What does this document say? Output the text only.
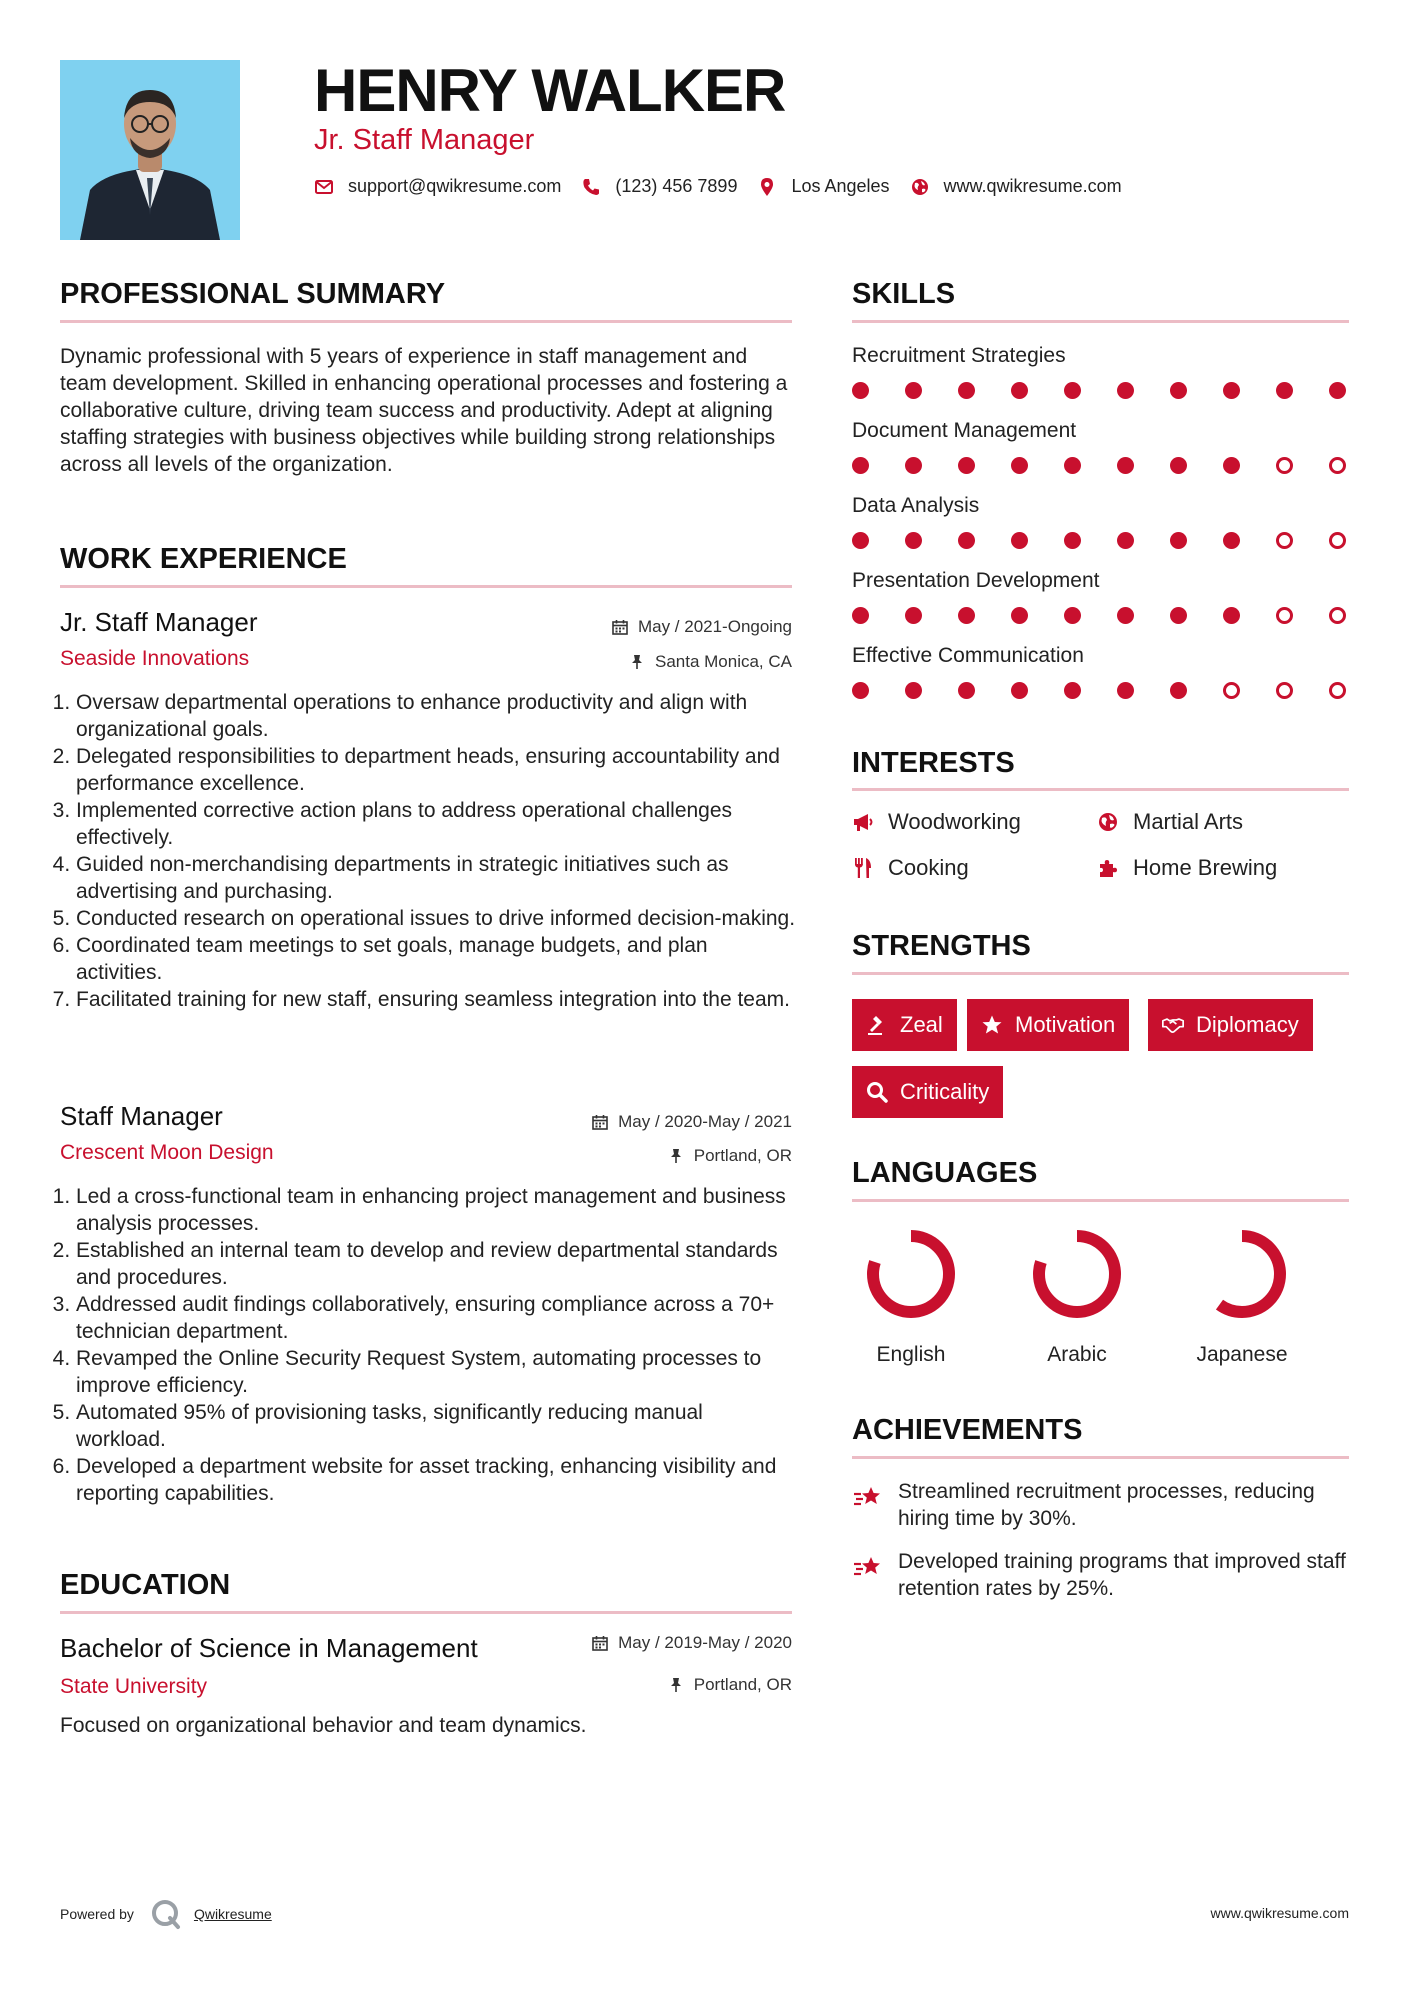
HENRY WALKER
Jr. Staff Manager
support@qwikresume.com	(123) 456 7899	Los Angeles	www.qwikresume.com
PROFESSIONAL SUMMARY
Dynamic professional with 5 years of experience in staff management and team development. Skilled in enhancing operational processes and fostering a collaborative culture, driving team success and productivity. Adept at aligning staffing strategies with business objectives while building strong relationships across all levels of the organization.
WORK EXPERIENCE
Jr. Staff Manager	May / 2021-Ongoing
Seaside Innovations	Santa Monica, CA
1. Oversaw departmental operations to enhance productivity and align with organizational goals.
2. Delegated responsibilities to department heads, ensuring accountability and performance excellence.
3. Implemented corrective action plans to address operational challenges effectively.
4. Guided non-merchandising departments in strategic initiatives such as advertising and purchasing.
5. Conducted research on operational issues to drive informed decision-making.
6. Coordinated team meetings to set goals, manage budgets, and plan activities.
7. Facilitated training for new staff, ensuring seamless integration into the team.
Staff Manager	May / 2020-May / 2021
Crescent Moon Design	Portland, OR
1. Led a cross-functional team in enhancing project management and business analysis processes.
2. Established an internal team to develop and review departmental standards and procedures.
3. Addressed audit findings collaboratively, ensuring compliance across a 70+ technician department.
4. Revamped the Online Security Request System, automating processes to improve efficiency.
5. Automated 95% of provisioning tasks, significantly reducing manual workload.
6. Developed a department website for asset tracking, enhancing visibility and reporting capabilities.
EDUCATION
Bachelor of Science in Management	May / 2019-May / 2020
State University	Portland, OR
Focused on organizational behavior and team dynamics.
SKILLS
Recruitment Strategies
Document Management
Data Analysis
Presentation Development
Effective Communication
INTERESTS
Woodworking	Martial Arts
Cooking	Home Brewing
STRENGTHS
Zeal	Motivation	Diplomacy
Criticality
LANGUAGES
English	Arabic	Japanese
ACHIEVEMENTS
Streamlined recruitment processes, reducing hiring time by 30%.
Developed training programs that improved staff retention rates by 25%.
Powered by	Qwikresume	www.qwikresume.com
